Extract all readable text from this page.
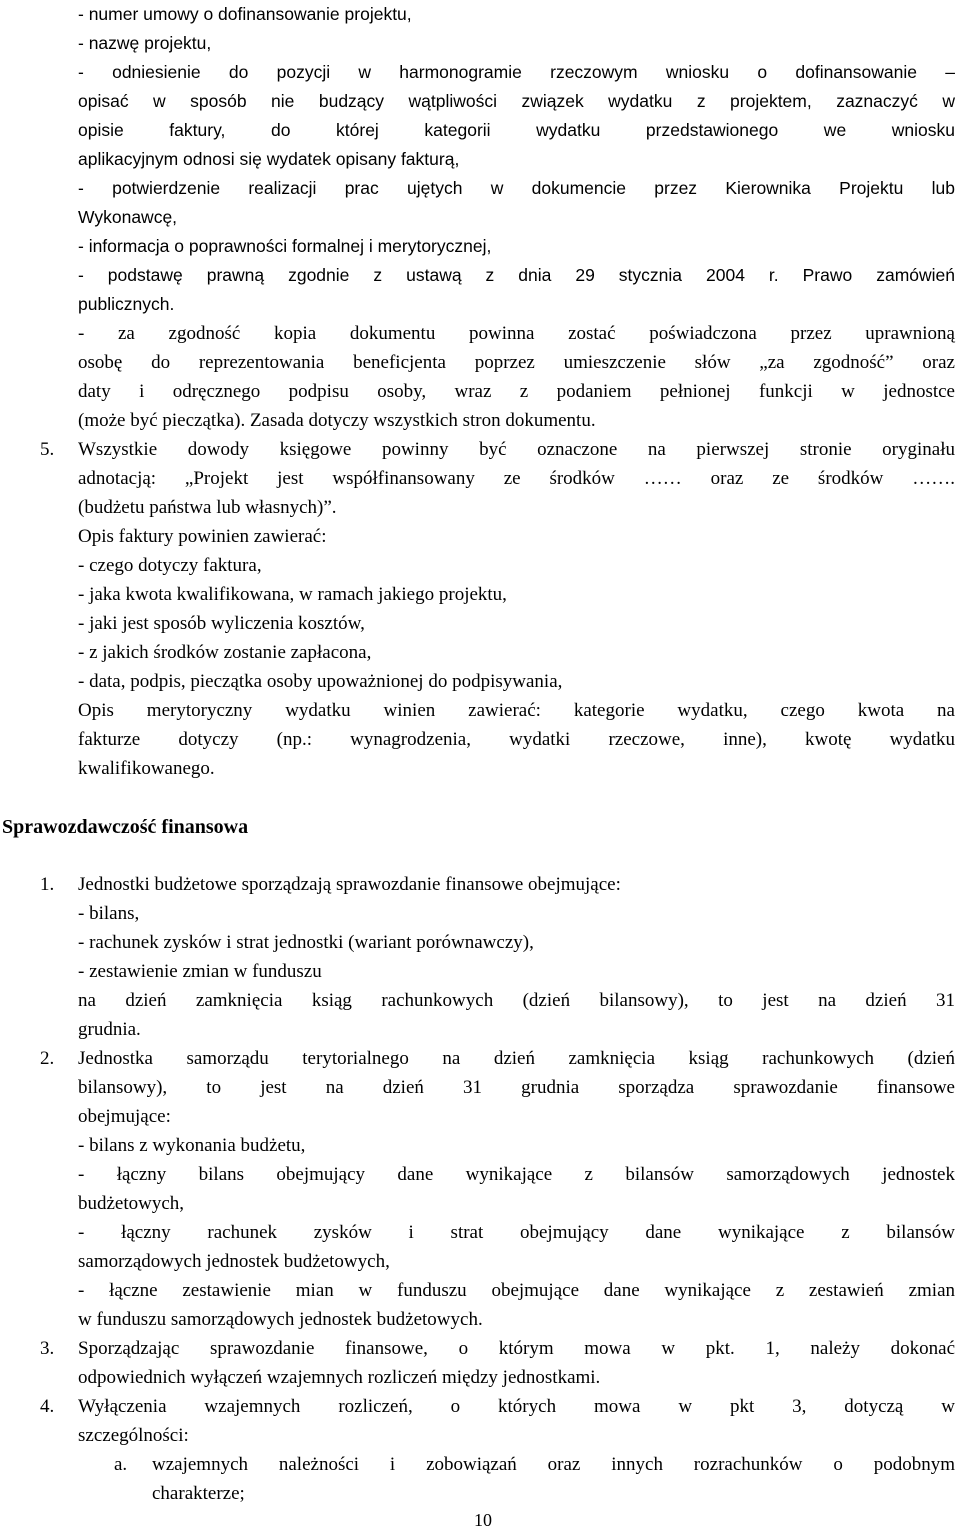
- numer umowy o dofinansowanie projektu,
- nazwę projektu,
- odniesienie do pozycji w harmonogramie rzeczowym wniosku o dofinansowanie –
opisać w sposób nie budzący wątpliwości związek wydatku z projektem, zaznaczyć w
opisie faktury, do której kategorii wydatku przedstawionego we wniosku
aplikacyjnym odnosi się wydatek opisany fakturą,
- potwierdzenie realizacji prac ujętych w dokumencie przez Kierownika Projektu lub
Wykonawcę,
- informacja o poprawności formalnej i merytorycznej,
- podstawę prawną zgodnie z ustawą z dnia 29 stycznia 2004 r. Prawo zamówień
publicznych.
- za zgodność kopia dokumentu powinna zostać poświadczona przez uprawnioną
osobę do reprezentowania beneficjenta poprzez umieszczenie słów „za zgodność” oraz
daty i odręcznego podpisu osoby, wraz z podaniem pełnionej funkcji w jednostce
(może być pieczątka). Zasada dotyczy wszystkich stron dokumentu.
5. Wszystkie dowody księgowe powinny być oznaczone na pierwszej stronie oryginału
adnotacją: „Projekt jest współfinansowany ze środków …… oraz ze środków …….
(budżetu państwa lub własnych)”.
Opis faktury powinien zawierać:
- czego dotyczy faktura,
- jaka kwota kwalifikowana, w ramach jakiego projektu,
- jaki jest sposób wyliczenia kosztów,
- z jakich środków zostanie zapłacona,
- data, podpis, pieczątka osoby upoważnionej do podpisywania,
Opis merytoryczny wydatku winien zawierać: kategorie wydatku, czego kwota na
fakturze dotyczy (np.: wynagrodzenia, wydatki rzeczowe, inne), kwotę wydatku
kwalifikowanego.
Sprawozdawczość finansowa
1. Jednostki budżetowe sporządzają sprawozdanie finansowe obejmujące:
- bilans,
- rachunek zysków i strat jednostki (wariant porównawczy),
- zestawienie zmian w funduszu
na dzień zamknięcia ksiąg rachunkowych (dzień bilansowy), to jest na dzień 31
grudnia.
2. Jednostka samorządu terytorialnego na dzień zamknięcia ksiąg rachunkowych (dzień
bilansowy), to jest na dzień 31 grudnia sporządza sprawozdanie finansowe
obejmujące:
- bilans z wykonania budżetu,
- łączny bilans obejmujący dane wynikające z bilansów samorządowych jednostek
budżetowych,
- łączny rachunek zysków i strat obejmujący dane wynikające z bilansów
samorządowych jednostek budżetowych,
- łączne zestawienie mian w funduszu obejmujące dane wynikające z zestawień zmian
w funduszu samorządowych jednostek budżetowych.
3. Sporządzając sprawozdanie finansowe, o którym mowa w pkt. 1, należy dokonać
odpowiednich wyłączeń wzajemnych rozliczeń między jednostkami.
4. Wyłączenia wzajemnych rozliczeń, o których mowa w pkt 3, dotyczą w
szczególności:
a. wzajemnych należności i zobowiązań oraz innych rozrachunków o podobnym
charakterze;
10
